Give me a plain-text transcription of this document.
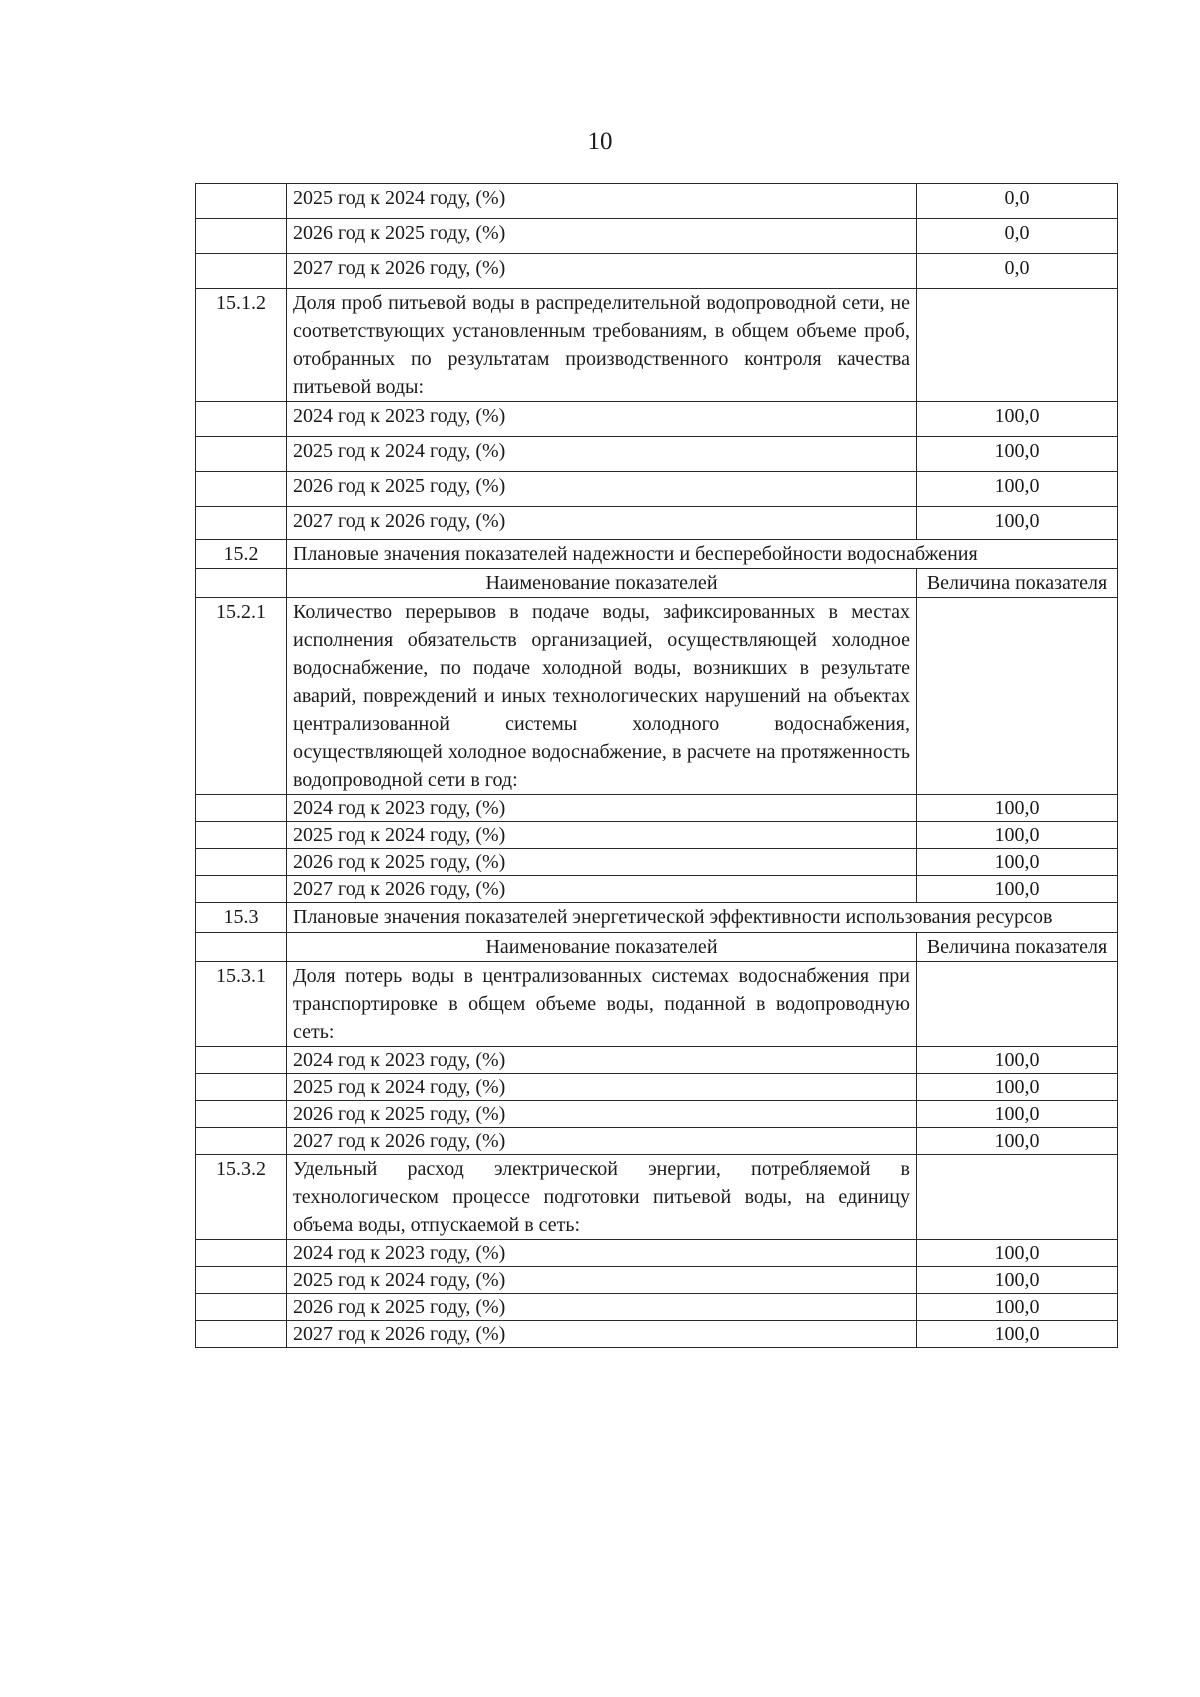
10
	2025 год к 2024 году, (%)	0,0
	2026 год к 2025 году, (%)	0,0
	2027 год к 2026 году, (%)	0,0
15.1.2	Доля проб питьевой воды в распределительной водопроводной сети, не соответствующих установленным требованиям, в общем объеме проб, отобранных по результатам производственного контроля качества питьевой воды:	
	2024 год к 2023 году, (%)	100,0
	2025 год к 2024 году, (%)	100,0
	2026 год к 2025 году, (%)	100,0
	2027 год к 2026 году, (%)	100,0
15.2	Плановые значения показателей надежности и бесперебойности водоснабжения	
	Наименование показателей	Величина показателя
15.2.1	Количество перерывов в подаче воды, зафиксированных в местах исполнения обязательств организацией, осуществляющей холодное водоснабжение, по подаче холодной воды, возникших в результате аварий, повреждений и иных технологических нарушений на объектах централизованной системы холодного водоснабжения, осуществляющей холодное водоснабжение, в расчете на протяженность водопроводной сети в год:	
	2024 год к 2023 году, (%)	100,0
	2025 год к 2024 году, (%)	100,0
	2026 год к 2025 году, (%)	100,0
	2027 год к 2026 году, (%)	100,0
15.3	Плановые значения показателей энергетической эффективности использования ресурсов	
	Наименование показателей	Величина показателя
15.3.1	Доля потерь воды в централизованных системах водоснабжения при транспортировке в общем объеме воды, поданной в водопроводную сеть:	
	2024 год к 2023 году, (%)	100,0
	2025 год к 2024 году, (%)	100,0
	2026 год к 2025 году, (%)	100,0
	2027 год к 2026 году, (%)	100,0
15.3.2	Удельный расход электрической энергии, потребляемой в технологическом процессе подготовки питьевой воды, на единицу объема воды, отпускаемой в сеть:	
	2024 год к 2023 году, (%)	100,0
	2025 год к 2024 году, (%)	100,0
	2026 год к 2025 году, (%)	100,0
	2027 год к 2026 году, (%)	100,0
